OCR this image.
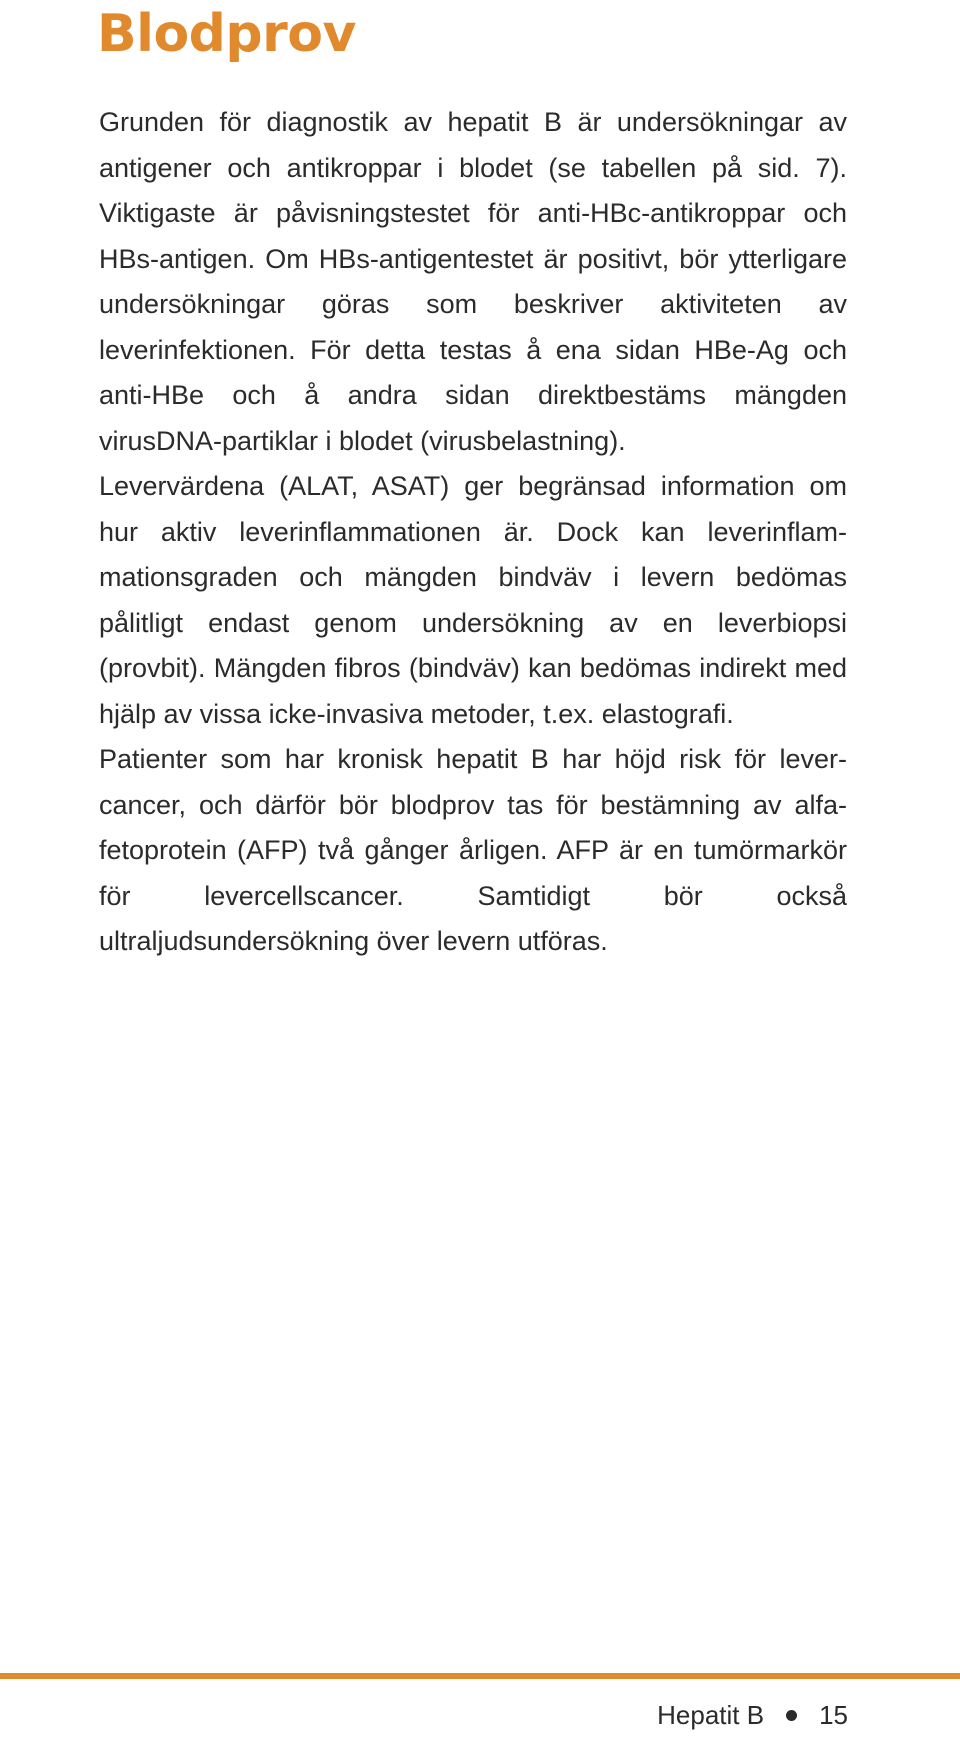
Blodprov

Grunden för diagnostik av hepatit B är undersökningar av antigener och antikroppar i blodet (se tabellen på sid. 7). Viktigaste är påvisningstestet för anti-HBc-antikroppar och HBs-antigen. Om HBs-antigentestet är positivt, bör ytterligare undersökningar göras som beskriver aktiviteten av leverinfektionen. För detta testas å ena sidan HBe-Ag och anti-HBe och å andra sidan direktbestäms mängden virusDNA-partiklar i blodet (virusbelastning).

Levervärdena (ALAT, ASAT) ger begränsad information om hur aktiv leverinflammationen är. Dock kan leverinflammationsgraden och mängden bindväv i levern bedömas pålitligt endast genom undersökning av en leverbiopsi (provbit). Mängden fibros (bindväv) kan bedömas indirekt med hjälp av vissa icke-invasiva metoder, t.ex. elastografi.

Patienter som har kronisk hepatit B har höjd risk för levercancer, och därför bör blodprov tas för bestämning av alfa-fetoprotein (AFP) två gånger årligen. AFP är en tumörmarkör för levercellscancer. Samtidigt bör också ultraljudsundersökning över levern utföras.

Hepatit B 15
